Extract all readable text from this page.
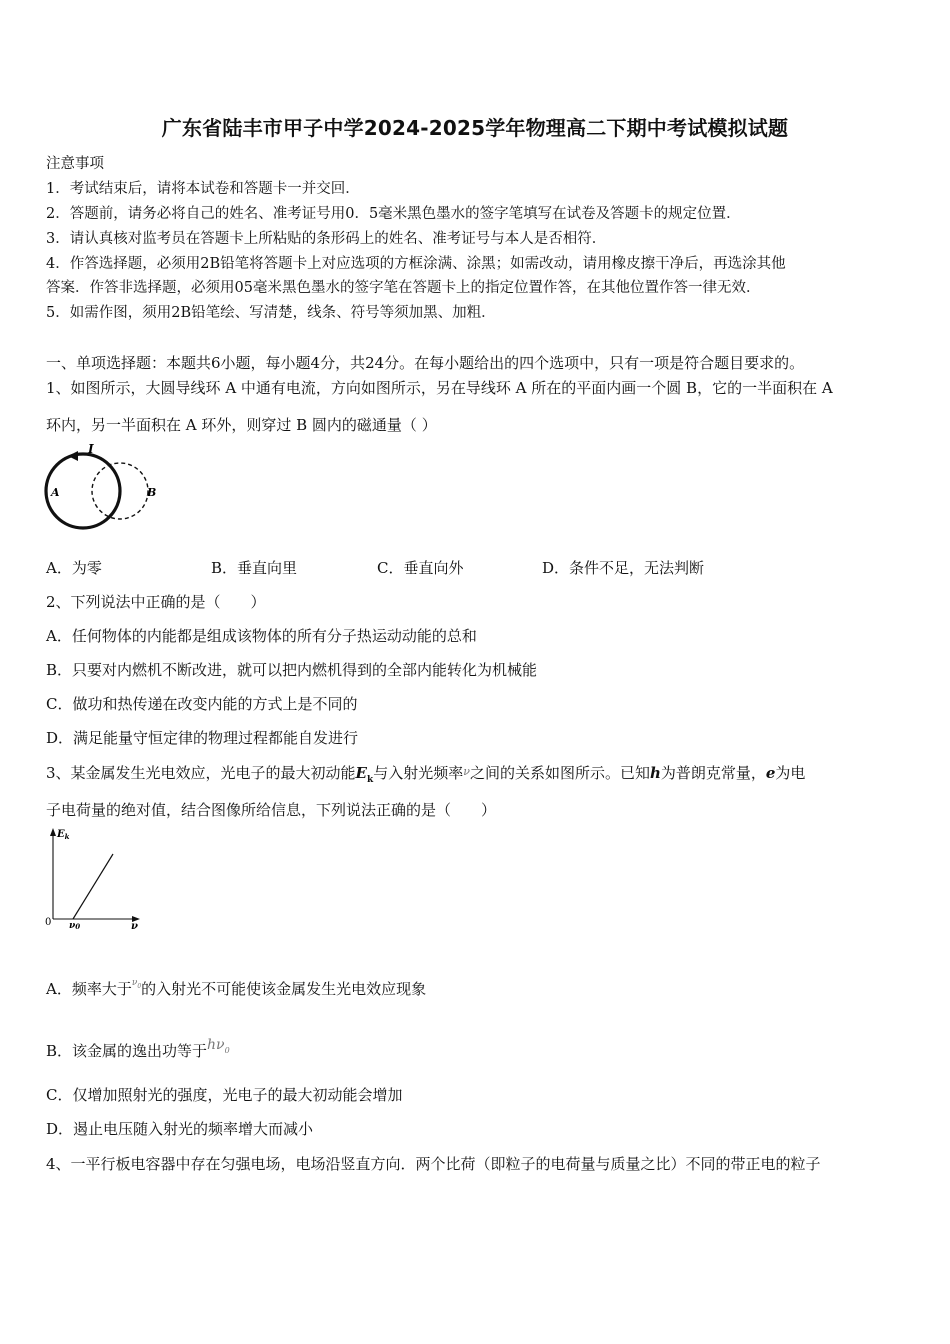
广东省陆丰市甲子中学2024-2025学年物理高二下期中考试模拟试题
注意事项
1．考试结束后，请将本试卷和答题卡一并交回．
2．答题前，请务必将自己的姓名、准考证号用0．5毫米黑色墨水的签字笔填写在试卷及答题卡的规定位置．
3．请认真核对监考员在答题卡上所粘贴的条形码上的姓名、准考证号与本人是否相符．
4．作答选择题，必须用2B铅笔将答题卡上对应选项的方框涂满、涂黑；如需改动，请用橡皮擦干净后，再选涂其他
答案．作答非选择题，必须用05毫米黑色墨水的签字笔在答题卡上的指定位置作答，在其他位置作答一律无效．
5．如需作图，须用2B铅笔绘、写清楚，线条、符号等须加黑、加粗．
一、单项选择题：本题共6小题，每小题4分，共24分。在每小题给出的四个选项中，只有一项是符合题目要求的。
1、如图所示，大圆导线环 A 中通有电流，方向如图所示，另在导线环 A 所在的平面内画一个圆 B，它的一半面积在 A
环内，另一半面积在 A 环外，则穿过 B 圆内的磁通量（ ）
I
A	B
A．为零	B．垂直向里	C．垂直向外	D．条件不足，无法判断
2、下列说法中正确的是（　　）
A．任何物体的内能都是组成该物体的所有分子热运动动能的总和
B．只要对内燃机不断改进，就可以把内燃机得到的全部内能转化为机械能
C．做功和热传递在改变内能的方式上是不同的
D．满足能量守恒定律的物理过程都能自发进行
3、某金属发生光电效应，光电子的最大初动能$E_k$与入射光频率$^\nu$之间的关系如图所示。已知h为普朗克常量，e为电
子电荷量的绝对值，结合图像所给信息，下列说法正确的是（　　）
$E_k$
0 ν0	ν
A．频率大于$^{\nu_0}$的入射光不可能使该金属发生光电效应现象
B．该金属的逸出功等于$h\nu_0$
C．仅增加照射光的强度，光电子的最大初动能会增加
D．遏止电压随入射光的频率增大而减小
4、一平行板电容器中存在匀强电场，电场沿竖直方向．两个比荷（即粒子的电荷量与质量之比）不同的带正电的粒子
